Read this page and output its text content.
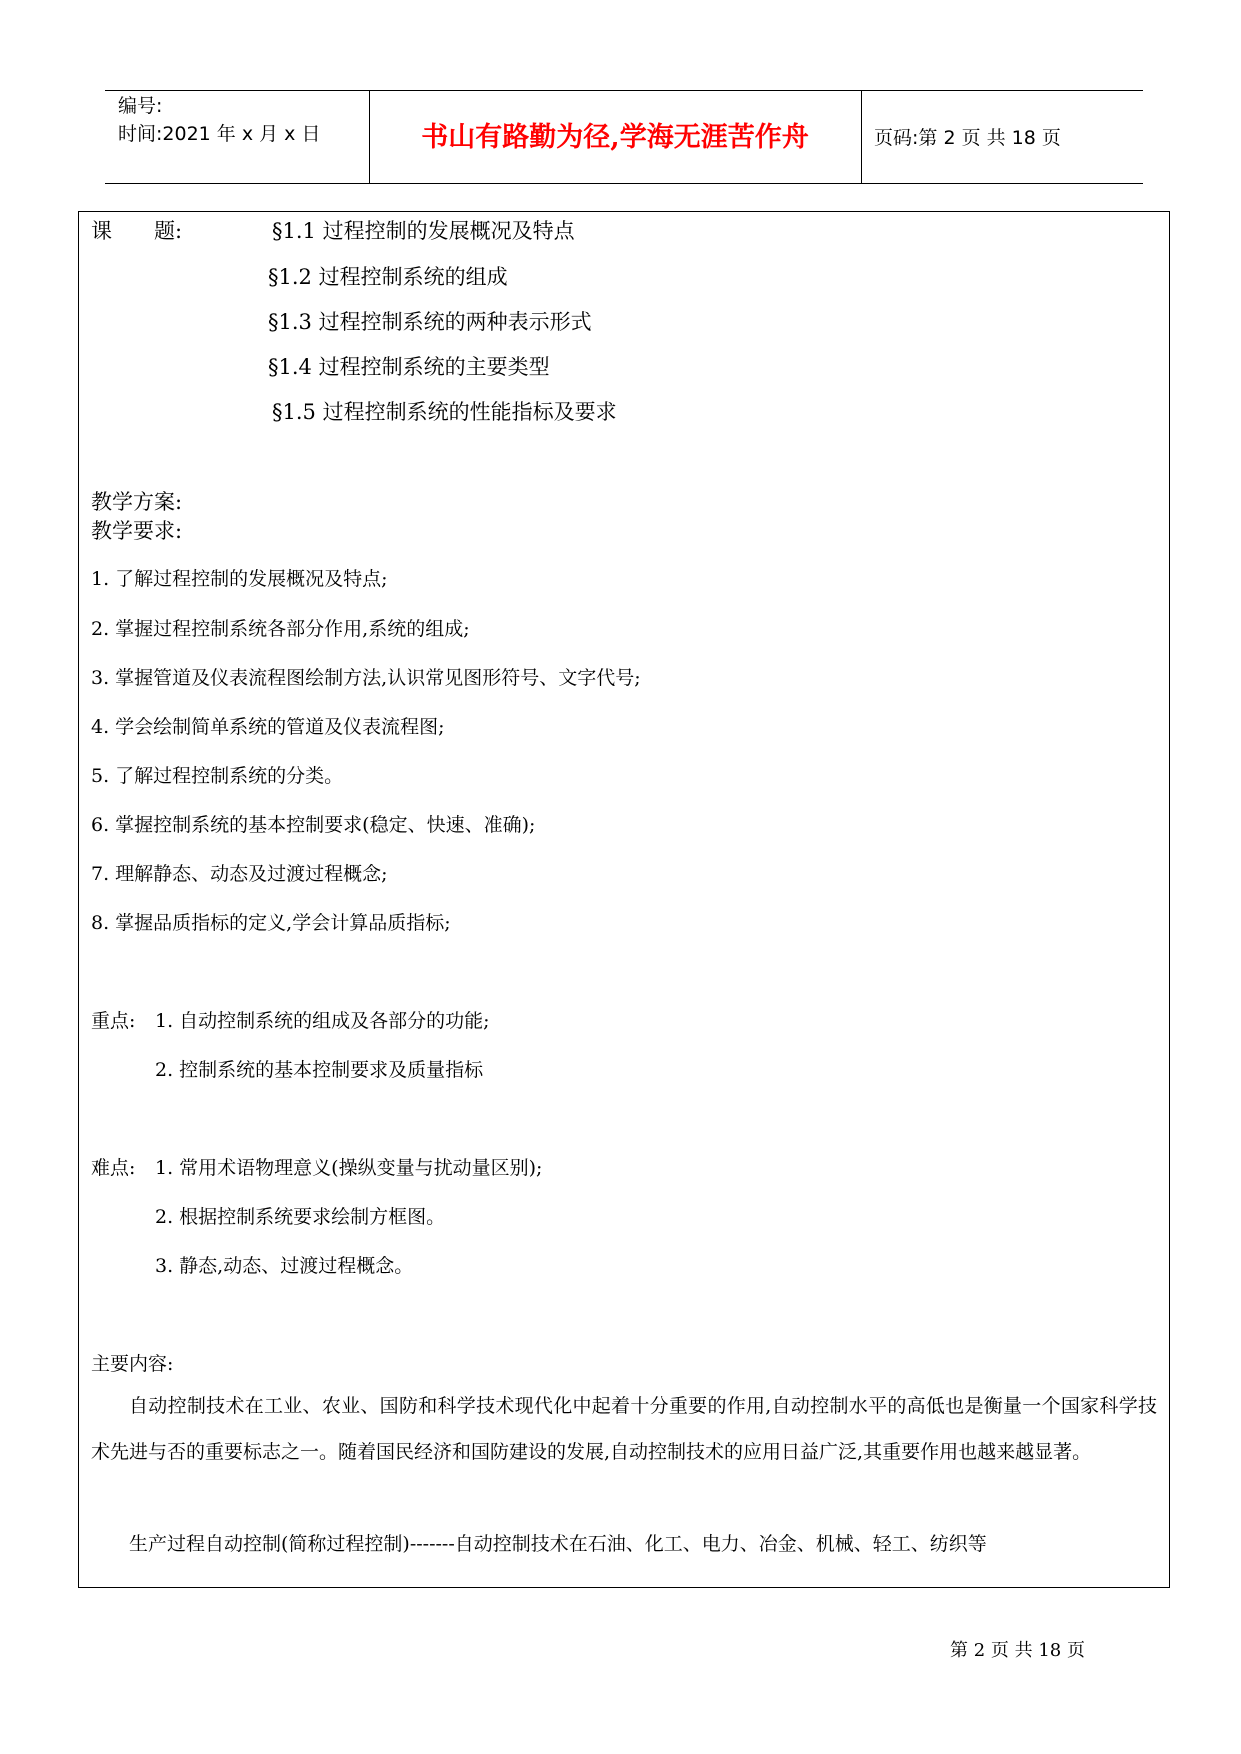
编号:
时间:2021 年 x 月 x 日	书山有路勤为径,学海无涯苦作舟	页码:第 2 页 共 18 页
课　　题:	§1.1 过程控制的发展概况及特点
§1.2 过程控制系统的组成
§1.3 过程控制系统的两种表示形式
§1.4 过程控制系统的主要类型
§1.5 过程控制系统的性能指标及要求
教学方案:
教学要求:
1. 了解过程控制的发展概况及特点;
2. 掌握过程控制系统各部分作用,系统的组成;
3. 掌握管道及仪表流程图绘制方法,认识常见图形符号、文字代号;
4. 学会绘制简单系统的管道及仪表流程图;
5. 了解过程控制系统的分类。
6. 掌握控制系统的基本控制要求(稳定、快速、准确);
7. 理解静态、动态及过渡过程概念;
8. 掌握品质指标的定义,学会计算品质指标;
重点: 1. 自动控制系统的组成及各部分的功能;
2. 控制系统的基本控制要求及质量指标
难点: 1. 常用术语物理意义(操纵变量与扰动量区别);
2. 根据控制系统要求绘制方框图。
3. 静态,动态、过渡过程概念。
主要内容:
自动控制技术在工业、农业、国防和科学技术现代化中起着十分重要的作用,自动控制水平的高低也是衡量一个国家科学技术先进与否的重要标志之一。随着国民经济和国防建设的发展,自动控制技术的应用日益广泛,其重要作用也越来越显著。
生产过程自动控制(简称过程控制)-------自动控制技术在石油、化工、电力、冶金、机械、轻工、纺织等
第 2 页 共 18 页
